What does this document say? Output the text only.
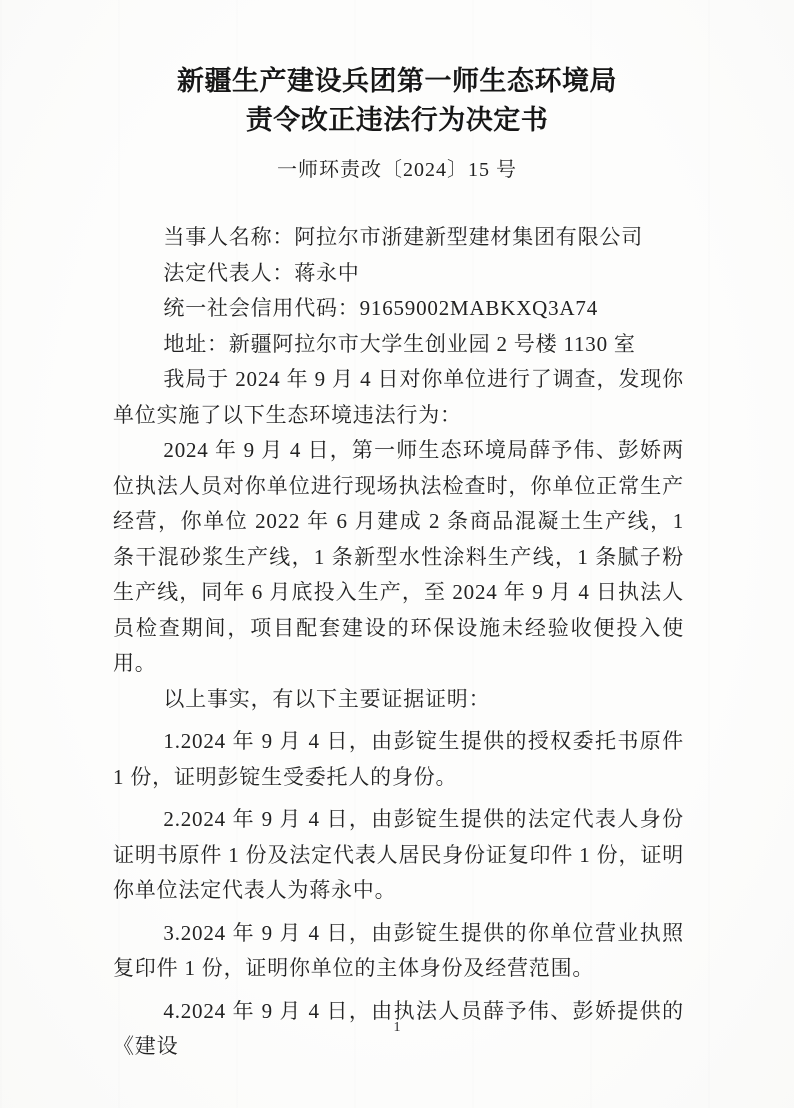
新疆生产建设兵团第一师生态环境局
责令改正违法行为决定书
一师环责改〔2024〕15 号

当事人名称：阿拉尔市浙建新型建材集团有限公司

法定代表人：蒋永中

统一社会信用代码：91659002MABKXQ3A74

地址：新疆阿拉尔市大学生创业园 2 号楼 1130 室

我局于 2024 年 9 月 4 日对你单位进行了调查，发现你单位实施了以下生态环境违法行为：

2024 年 9 月 4 日，第一师生态环境局薛予伟、彭娇两位执法人员对你单位进行现场执法检查时，你单位正常生产经营，你单位 2022 年 6 月建成 2 条商品混凝土生产线，1 条干混砂浆生产线，1 条新型水性涂料生产线，1 条腻子粉生产线，同年 6 月底投入生产，至 2024 年 9 月 4 日执法人员检查期间，项目配套建设的环保设施未经验收便投入使用。

以上事实，有以下主要证据证明：

1.2024 年 9 月 4 日，由彭锭生提供的授权委托书原件 1 份，证明彭锭生受委托人的身份。

2.2024 年 9 月 4 日，由彭锭生提供的法定代表人身份证明书原件 1 份及法定代表人居民身份证复印件 1 份，证明你单位法定代表人为蒋永中。

3.2024 年 9 月 4 日，由彭锭生提供的你单位营业执照复印件 1 份，证明你单位的主体身份及经营范围。

4.2024 年 9 月 4 日，由执法人员薛予伟、彭娇提供的《建设

1
